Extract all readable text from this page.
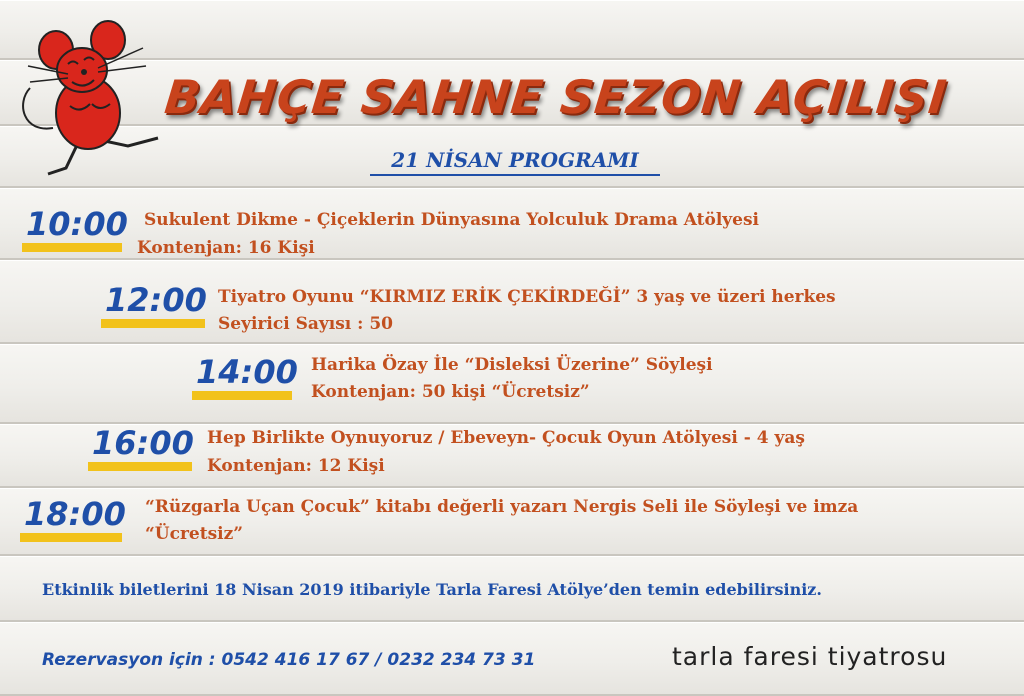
BAHÇE SAHNE SEZON AÇILIŞI
21 NİSAN PROGRAMI
10:00 Sukulent Dikme - Çiçeklerin Dünyasına Yolculuk Drama Atölyesi
Kontenjan: 16 Kişi
12:00 Tiyatro Oyunu “KIRMIZ ERİK ÇEKİRDEĞİ” 3 yaş ve üzeri herkes
Seyirici Sayısı : 50
14:00 Harika Özay İle “Disleksi Üzerine” Söyleşi
Kontenjan: 50 kişi “Ücretsiz”
16:00 Hep Birlikte Oynuyoruz / Ebeveyn- Çocuk Oyun Atölyesi - 4 yaş
Kontenjan: 12 Kişi
18:00 “Rüzgarla Uçan Çocuk” kitabı değerli yazarı Nergis Seli ile Söyleşi ve imza
“Ücretsiz”
Etkinlik biletlerini 18 Nisan 2019 itibariyle Tarla Faresi Atölye’den temin edebilirsiniz.
Rezervasyon için : 0542 416 17 67 / 0232 234 73 31	tarla faresi tiyatrosu
